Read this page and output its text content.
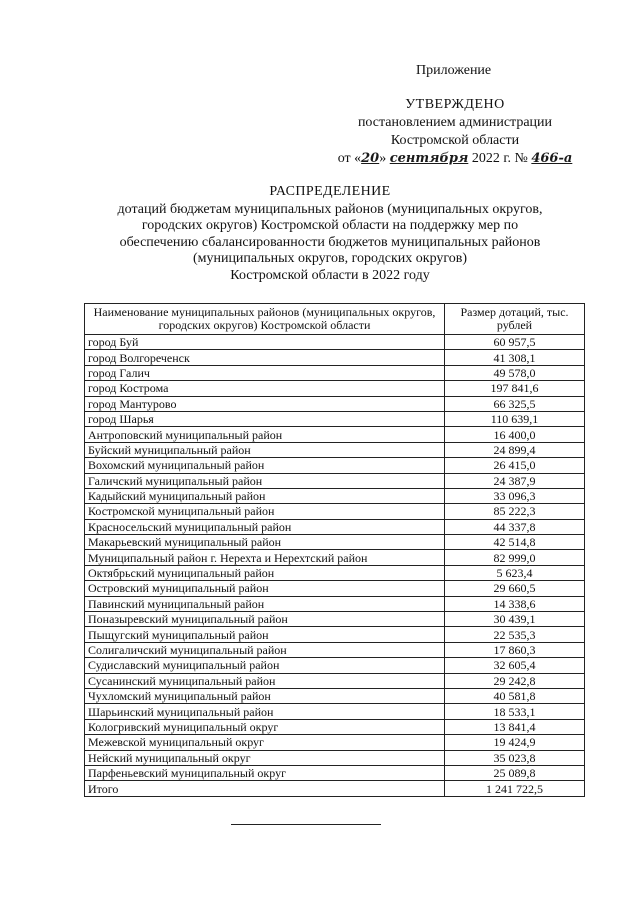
Приложение
УТВЕРЖДЕНО
постановлением администрации
Костромской области
от «20» сентября 2022 г. № 466-а
РАСПРЕДЕЛЕНИЕ
дотаций бюджетам муниципальных районов (муниципальных округов,
городских округов) Костромской области на поддержку мер по
обеспечению сбалансированности бюджетов муниципальных районов
(муниципальных округов, городских округов)
Костромской области в 2022 году
Наименование муниципальных районов (муниципальных округов, городских округов) Костромской области	Размер дотаций, тыс. рублей
город Буй	60 957,5
город Волгореченск	41 308,1
город Галич	49 578,0
город Кострома	197 841,6
город Мантурово	66 325,5
город Шарья	110 639,1
Антроповский муниципальный район	16 400,0
Буйский муниципальный район	24 899,4
Вохомский муниципальный район	26 415,0
Галичский муниципальный район	24 387,9
Кадыйский муниципальный район	33 096,3
Костромской муниципальный район	85 222,3
Красносельский муниципальный район	44 337,8
Макарьевский муниципальный район	42 514,8
Муниципальный район г. Нерехта и Нерехтский район	82 999,0
Октябрьский муниципальный район	5 623,4
Островский муниципальный район	29 660,5
Павинский муниципальный район	14 338,6
Поназыревский муниципальный район	30 439,1
Пыщугский муниципальный район	22 535,3
Солигаличский муниципальный район	17 860,3
Судиславский муниципальный район	32 605,4
Сусанинский муниципальный район	29 242,8
Чухломский муниципальный район	40 581,8
Шарьинский муниципальный район	18 533,1
Кологривский муниципальный округ	13 841,4
Межевской муниципальный округ	19 424,9
Нейский муниципальный округ	35 023,8
Парфеньевский муниципальный округ	25 089,8
Итого	1 241 722,5
